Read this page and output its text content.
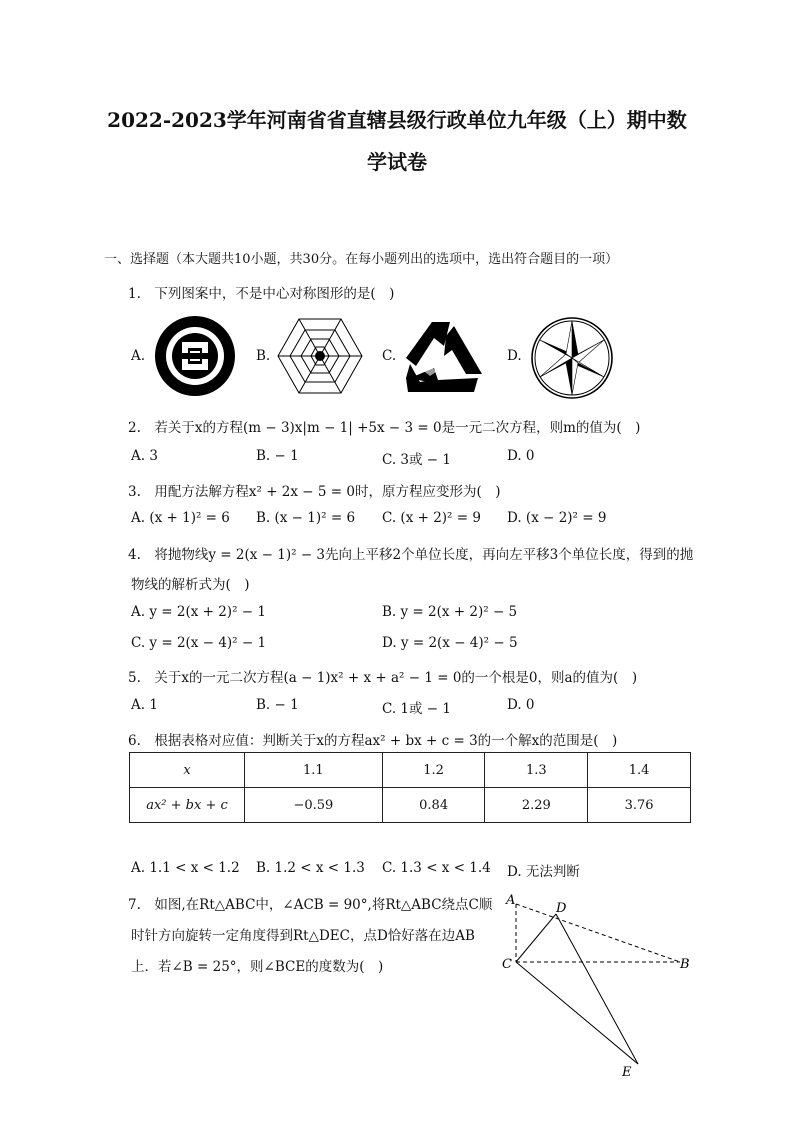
2022-2023学年河南省省直辖县级行政单位九年级（上）期中数
学试卷
一、选择题（本大题共10小题，共30分。在每小题列出的选项中，选出符合题目的一项）
1.　下列图案中，不是中心对称图形的是(　)
A.	B.	C.	D.
2.　若关于x的方程(m − 3)x|m − 1| +5x − 3 = 0是一元二次方程，则m的值为(　)
A. 3	B. − 1	C. 3或 − 1	D. 0
3.　用配方法解方程x² + 2x − 5 = 0时，原方程应变形为(　)
A. (x + 1)² = 6 B. (x − 1)² = 6 C. (x + 2)² = 9 D. (x − 2)² = 9
4.　将抛物线y = 2(x − 1)² − 3先向上平移2个单位长度，再向左平移3个单位长度，得到的抛
物线的解析式为(　)
A. y = 2(x + 2)² − 1	B. y = 2(x + 2)² − 5
C. y = 2(x − 4)² − 1	D. y = 2(x − 4)² − 5
5.　关于x的一元二次方程(a − 1)x² + x + a² − 1 = 0的一个根是0，则a的值为(　)
A. 1	B. − 1	C. 1或 − 1	D. 0
6.　根据表格对应值：判断关于x的方程ax² + bx + c = 3的一个解x的范围是(　)
x	1.1	1.2	1.3	1.4
ax² + bx + c	−0.59	0.84	2.29	3.76
A. 1.1 < x < 1.2 B. 1.2 < x < 1.3 C. 1.3 < x < 1.4 D. 无法判断
7.　如图,在Rt△ABC中，∠ACB = 90°,将Rt△ABC绕点C顺
时针方向旋转一定角度得到Rt△DEC，点D恰好落在边AB
上．若∠B = 25°，则∠BCE的度数为(　)
A
D
C	B
E
